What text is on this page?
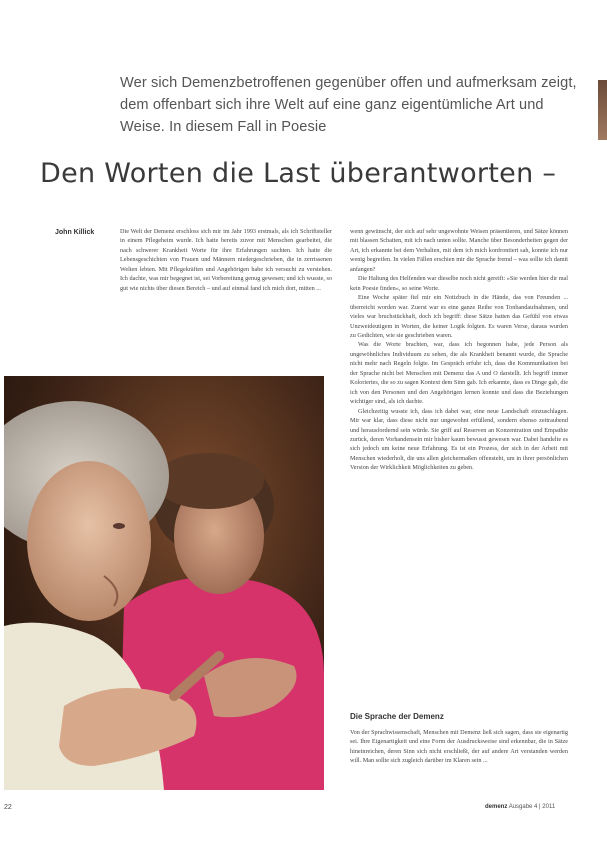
Wer sich Demenzbetroffenen gegenüber offen und aufmerksam zeigt, dem offenbart sich ihre Welt auf eine ganz eigentümliche Art und Weise. In diesem Fall in Poesie
Den Worten die Last überantworten –
John Killick	Die Welt der Demenz erschloss sich mir im Jahr 1993 erstmals, als ich Schriftsteller in einem Pflegeheim wurde. Ich hatte bereits zuvor mit Menschen gearbeitet, die nach schwerer Krankheit Worte für ihre Erfahrungen suchten. Ich hatte die Lebensgeschichten von Frauen und Männern niedergeschrieben, die in zerrissenen Welten lebten. Mit Pflegekräften und Angehörigen habe ich versucht zu verstehen. Ich dachte, was mir begegnet ist, sei Vorbereitung genug gewesen; und ich wusste, so gut wie nichts über diesen Bereich – und auf einmal fand ich mich dort, mitten ...

wenn gewünscht, der sich auf sehr ungewohnte Weisen präsentieren, und Sätze können mit blassen Schatten, mit ich nach unten sollte. Manche über Besonderheiten gegen der Art, ich erkannte bei dem Verhalten, mit dem ich mich konfrontiert sah, konnte ich nur wenig begreifen. In vielen Fällen erschien mir die Sprache fremd – was sollte ich damit anfangen?

Die Haltung des Helfenden war dieselbe noch nicht gereift: »Sie werden hier dir mal kein Poesie finden«, so seine Worte.

Eine Woche später fiel mir ein Notizbuch in die Hände, das von Freunden ... überreicht worden war. Zuerst war es eine ganze Reihe von Tonbandaufnahmen, und vieles war bruchstückhaft, doch ich begriff: diese Sätze hatten das Gefühl von etwas Unzweideutigem in Worten, die keiner Logik folgten. Es waren Verse, daraus wurden zu Gedichten, wie sie geschrieben waren.

Was die Worte brachten, war, dass ich begonnen habe, jede Person als ungewöhnliches Individuum zu sehen, die als Krankheit benannt wurde, die Sprache nicht mehr nach Regeln folgte. Im Gespräch erfuhr ich, dass die Kommunikation bei der Sprache nicht bei Menschen mit Demenz das A und O darstellt. Ich begriff immer Koloriertes, die so zu sagen Kontext dem Sinn gab. Ich erkannte, dass es Dinge gab, die ich von den Personen und den Angehörigen lernen konnte und dass die Beziehungen wichtiger sind, als ich dachte.

Gleichzeitig wusste ich, dass ich dabei war, eine neue Landschaft einzuschlagen. Mir war klar, dass diese nicht nur ungewohnt erfüllend, sondern ebenso zeitraubend und herausfordernd sein würde. Sie griff auf Reserven an Konzentration und Empathie zurück, deren Vorhandensein mir bisher kaum bewusst gewesen war. Dabei handelte es sich jedoch um keine neue Erfahrung. Es ist ein Prozess, der sich in der Arbeit mit Menschen wiederholt, die uns allen gleichermaßen offensteht, um in ihrer persönlichen Version der Wirklichkeit Möglichkeiten zu geben.

Die Sprache der Demenz

Von der Sprachwissenschaft, Menschen mit Demenz ließ sich sagen, dass sie eigenartig sei. Ihre Eigenartigkeit und eine Form der Ausdrucksweise sind erkennbar, die in Sätze hineinreichen, deren Sinn sich nicht erschließt, der auf andere Art verstanden werden will. Man sollte sich zugleich darüber im Klaren sein ...

22	demenz Ausgabe 4 | 2011
